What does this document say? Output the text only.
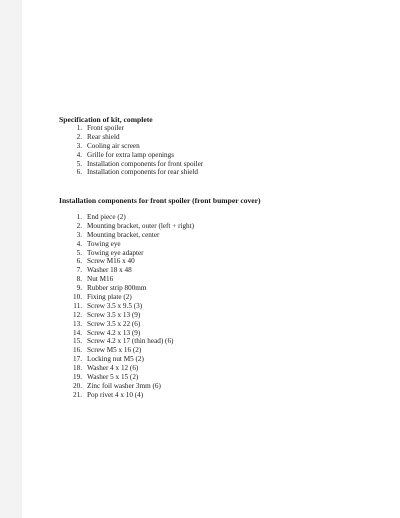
Specification of kit, complete
1. Front spoiler
2. Rear shield
3. Cooling air screen
4. Grille for extra lamp openings
5. Installation components for front spoiler
6. Installation components for rear shield
Installation components for front spoiler (front bumper cover)
1. End piece (2)
2. Mounting bracket, outer (left + right)
3. Mounting bracket, center
4. Towing eye
5. Towing eye adapter
6. Screw M16 x 40
7. Washer 18 x 48
8. Nut M16
9. Rubber strip 800mm
10. Fixing plate (2)
11. Screw 3.5 x 9.5 (3)
12. Screw 3.5 x 13 (9)
13. Screw 3.5 x 22 (6)
14. Screw 4.2 x 13 (9)
15. Screw 4.2 x 17 (thin head) (6)
16. Screw M5 x 16 (2)
17. Locking nut M5 (2)
18. Washer 4 x 12 (6)
19. Washer 5 x 15 (2)
20. Zinc foil washer 3mm (6)
21. Pop rivet 4 x 10 (4)
